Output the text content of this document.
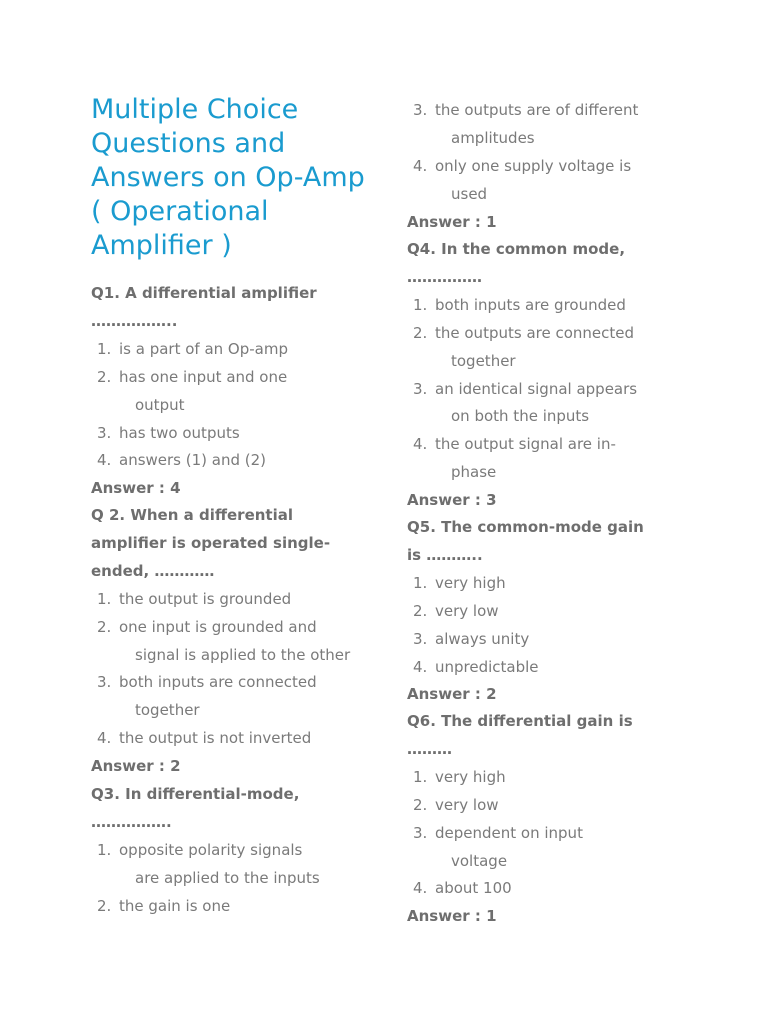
Multiple Choice Questions and Answers on Op-Amp ( Operational Amplifier )

Q1. A differential amplifier
……………..

1. is a part of an Op-amp
2. has one input and one
output
3. has two outputs
4. answers (1) and (2)

Answer : 4

Q 2. When a differential
amplifier is operated single-
ended, …………

1. the output is grounded
2. one input is grounded and
signal is applied to the other
3. both inputs are connected
together
4. the output is not inverted

Answer : 2

Q3. In differential-mode,
…………….

1. opposite polarity signals
are applied to the inputs
2. the gain is one
3. the outputs are of different
amplitudes
4. only one supply voltage is
used

Answer : 1

Q4. In the common mode,
……………

1. both inputs are grounded
2. the outputs are connected
together
3. an identical signal appears
on both the inputs
4. the output signal are in-
phase

Answer : 3

Q5. The common-mode gain
is ………..

1. very high
2. very low
3. always unity
4. unpredictable

Answer : 2

Q6. The differential gain is
………

1. very high
2. very low
3. dependent on input
voltage
4. about 100

Answer : 1
